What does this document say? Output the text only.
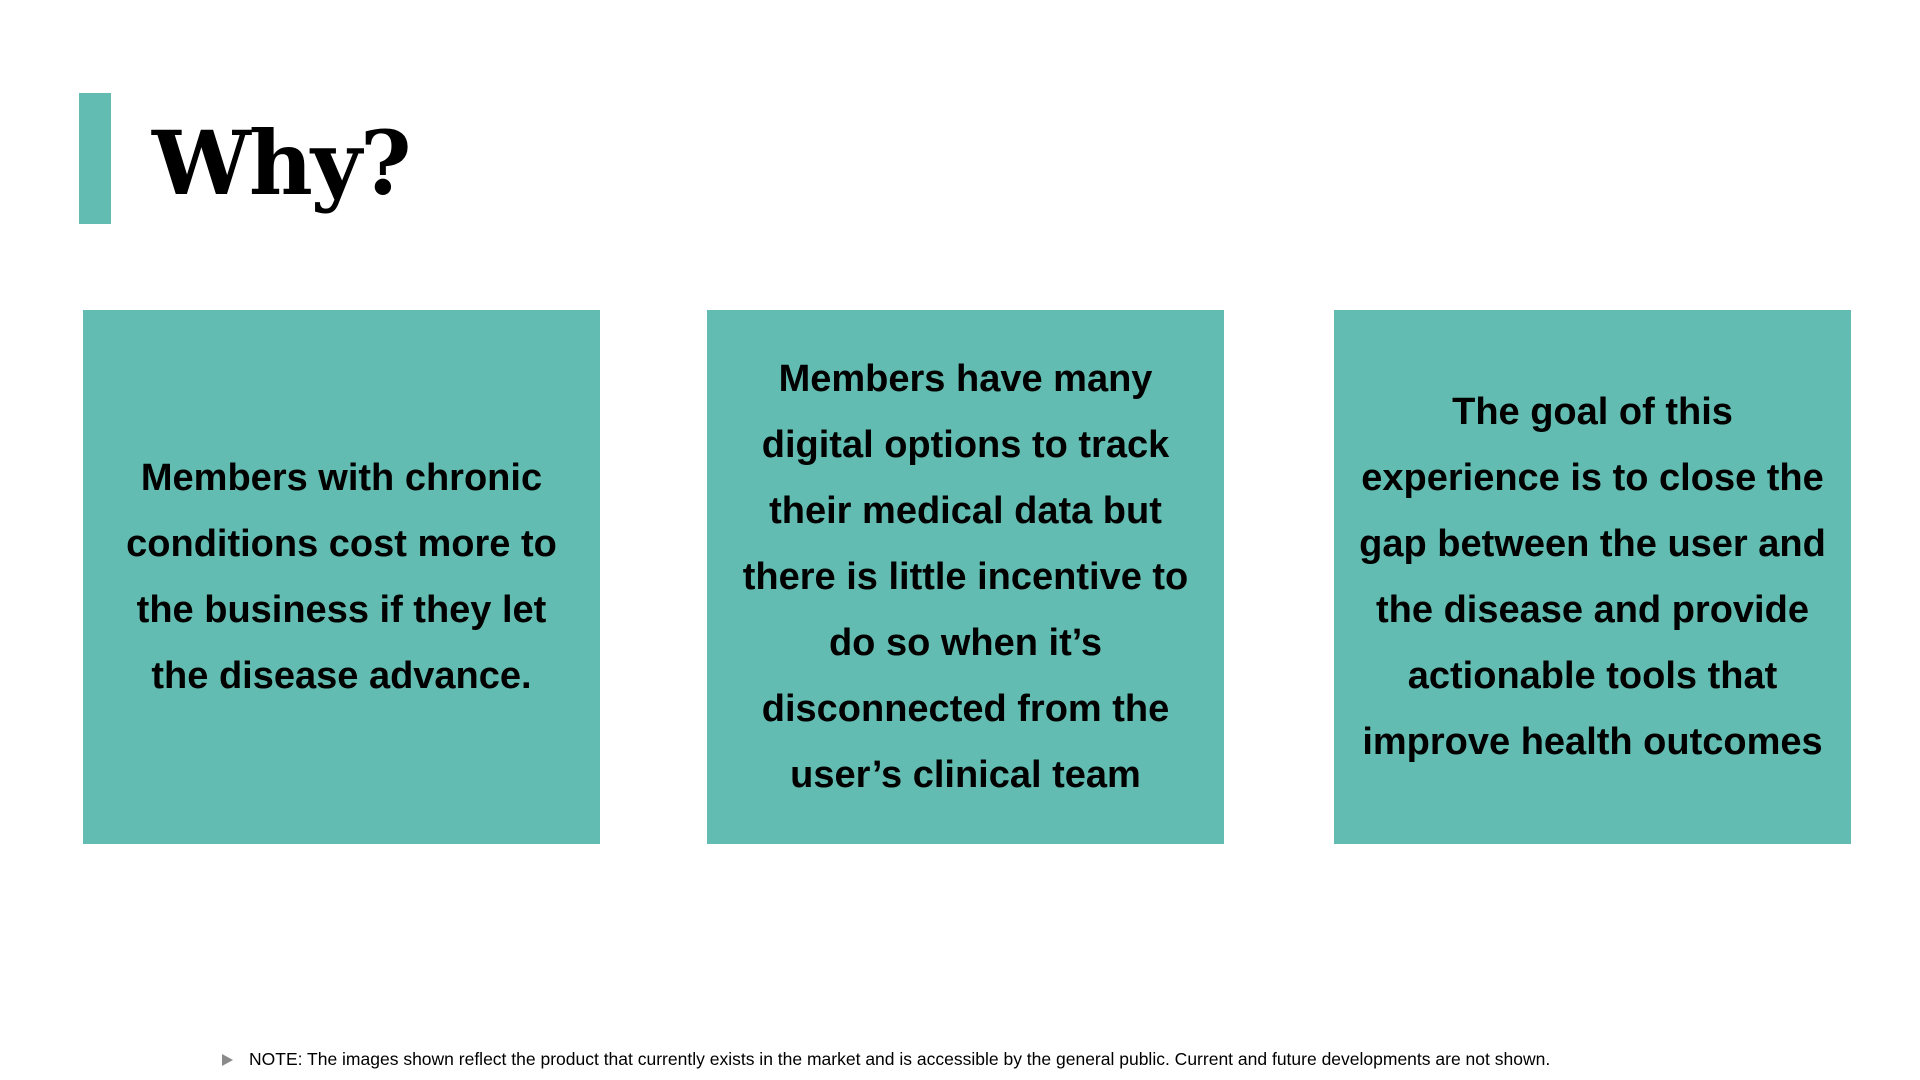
Why?

Members with chronic conditions cost more to the business if they let the disease advance.

Members have many digital options to track their medical data but there is little incentive to do so when it’s disconnected from the user’s clinical team

The goal of this experience is to close the gap between the user and the disease and provide actionable tools that improve health outcomes

NOTE: The images shown reflect the product that currently exists in the market and is accessible by the general public. Current and future developments are not shown.
